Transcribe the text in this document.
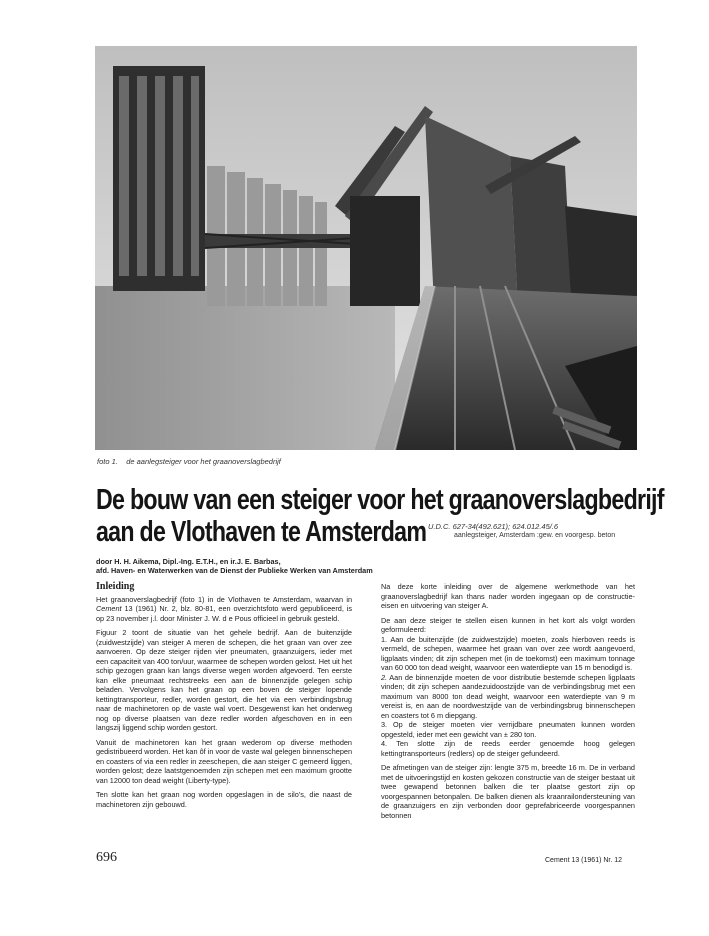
foto 1. de aanlegsteiger voor het graanoverslagbedrijf
De bouw van een steiger voor het graanoverslagbedrijf
aan de Vlothaven te Amsterdam U.D.C. 627-34(492.621); 624.012.45/.6
aanlegsteiger, Amsterdam :gew. en voorgesp. beton
door H. H. Aikema, Dipl.-Ing. E.T.H., en ir.J. E. Barbas,
afd. Haven- en Waterwerken van de Dienst der Publieke Werken van Amsterdam
Inleiding

Het graanoverslagbedrijf (foto 1) in de Vlothaven te Amsterdam, waarvan in Cement 13 (1961) Nr. 2, blz. 80-81, een overzichtsfoto werd gepubliceerd, is op 23 november j.l. door Minister J. W. d e Pous officieel in gebruik gesteld.

Figuur 2 toont de situatie van het gehele bedrijf. Aan de buitenzijde (zuidwestzijde) van steiger A meren de schepen, die het graan van over zee aanvoeren. Op deze steiger rijden vier pneumaten, graanzuigers, ieder met een capaciteit van 400 ton/uur, waarmee de schepen worden gelost. Het uit het schip gezogen graan kan langs diverse wegen worden afgevoerd. Ten eerste kan elke pneumaat rechtstreeks een aan de binnenzijde gelegen schip beladen. Vervolgens kan het graan op een boven de steiger lopende kettingtransporteur, redler, worden gestort, die het via een verbindingsbrug naar de machinetoren op de vaste wal voert. Desgewenst kan het onderweg nog op diverse plaatsen van deze redler worden afgeschoven en in een langszij liggend schip worden gestort.

Vanuit de machinetoren kan het graan wederom op diverse methoden gedistribueerd worden. Het kan ôf in voor de vaste wal gelegen binnenschepen en coasters of via een redler in zeeschepen, die aan steiger C gemeerd liggen, worden gelost; deze laatstgenoemden zijn schepen met een maximum grootte van 12000 ton dead weight (Liberty-type).

Ten slotte kan het graan nog worden opgeslagen in de silo's, die naast de machinetoren zijn gebouwd.

Na deze korte inleiding over de algemene werkmethode van het graanoverslagbedrijf kan thans nader worden ingegaan op de constructie-eisen en uitvoering van steiger A.

De aan deze steiger te stellen eisen kunnen in het kort als volgt worden geformuleerd:
1. Aan de buitenzijde (de zuidwestzijde) moeten, zoals hierboven reeds is vermeld, de schepen, waarmee het graan van over zee wordt aangevoerd, ligplaats vinden; dit zijn schepen met (in de toekomst) een maximum tonnage van 60 000 ton dead weight, waarvoor een waterdiepte van 15 m benodigd is.
2. Aan de binnenzijde moeten de voor distributie bestemde schepen ligplaats vinden; dit zijn schepen aandezuidoostzijde van de verbindingsbrug met een maximum van 8000 ton dead weight, waarvoor een waterdiepte van 9 m vereist is, en aan de noordwestzijde van de verbindingsbrug binnenschepen en coasters tot 6 m diepgang.
3. Op de steiger moeten vier verrijdbare pneumaten kunnen worden opgesteld, ieder met een gewicht van ± 280 ton.
4. Ten slotte zijn de reeds eerder genoemde hoog gelegen kettingtransporteurs (redlers) op de steiger gefundeerd.

De afmetingen van de steiger zijn: lengte 375 m, breedte 16 m. De in verband met de uitvoeringstijd en kosten gekozen constructie van de steiger bestaat uit twee gewapend betonnen balken die ter plaatse gestort zijn op voorgespannen betonpalen. De balken dienen als kraanrailondersteuning van de graanzuigers en zijn verbonden door geprefabriceerde voorgespannen betonnen

696	Cement 13 (1961) Nr. 12
